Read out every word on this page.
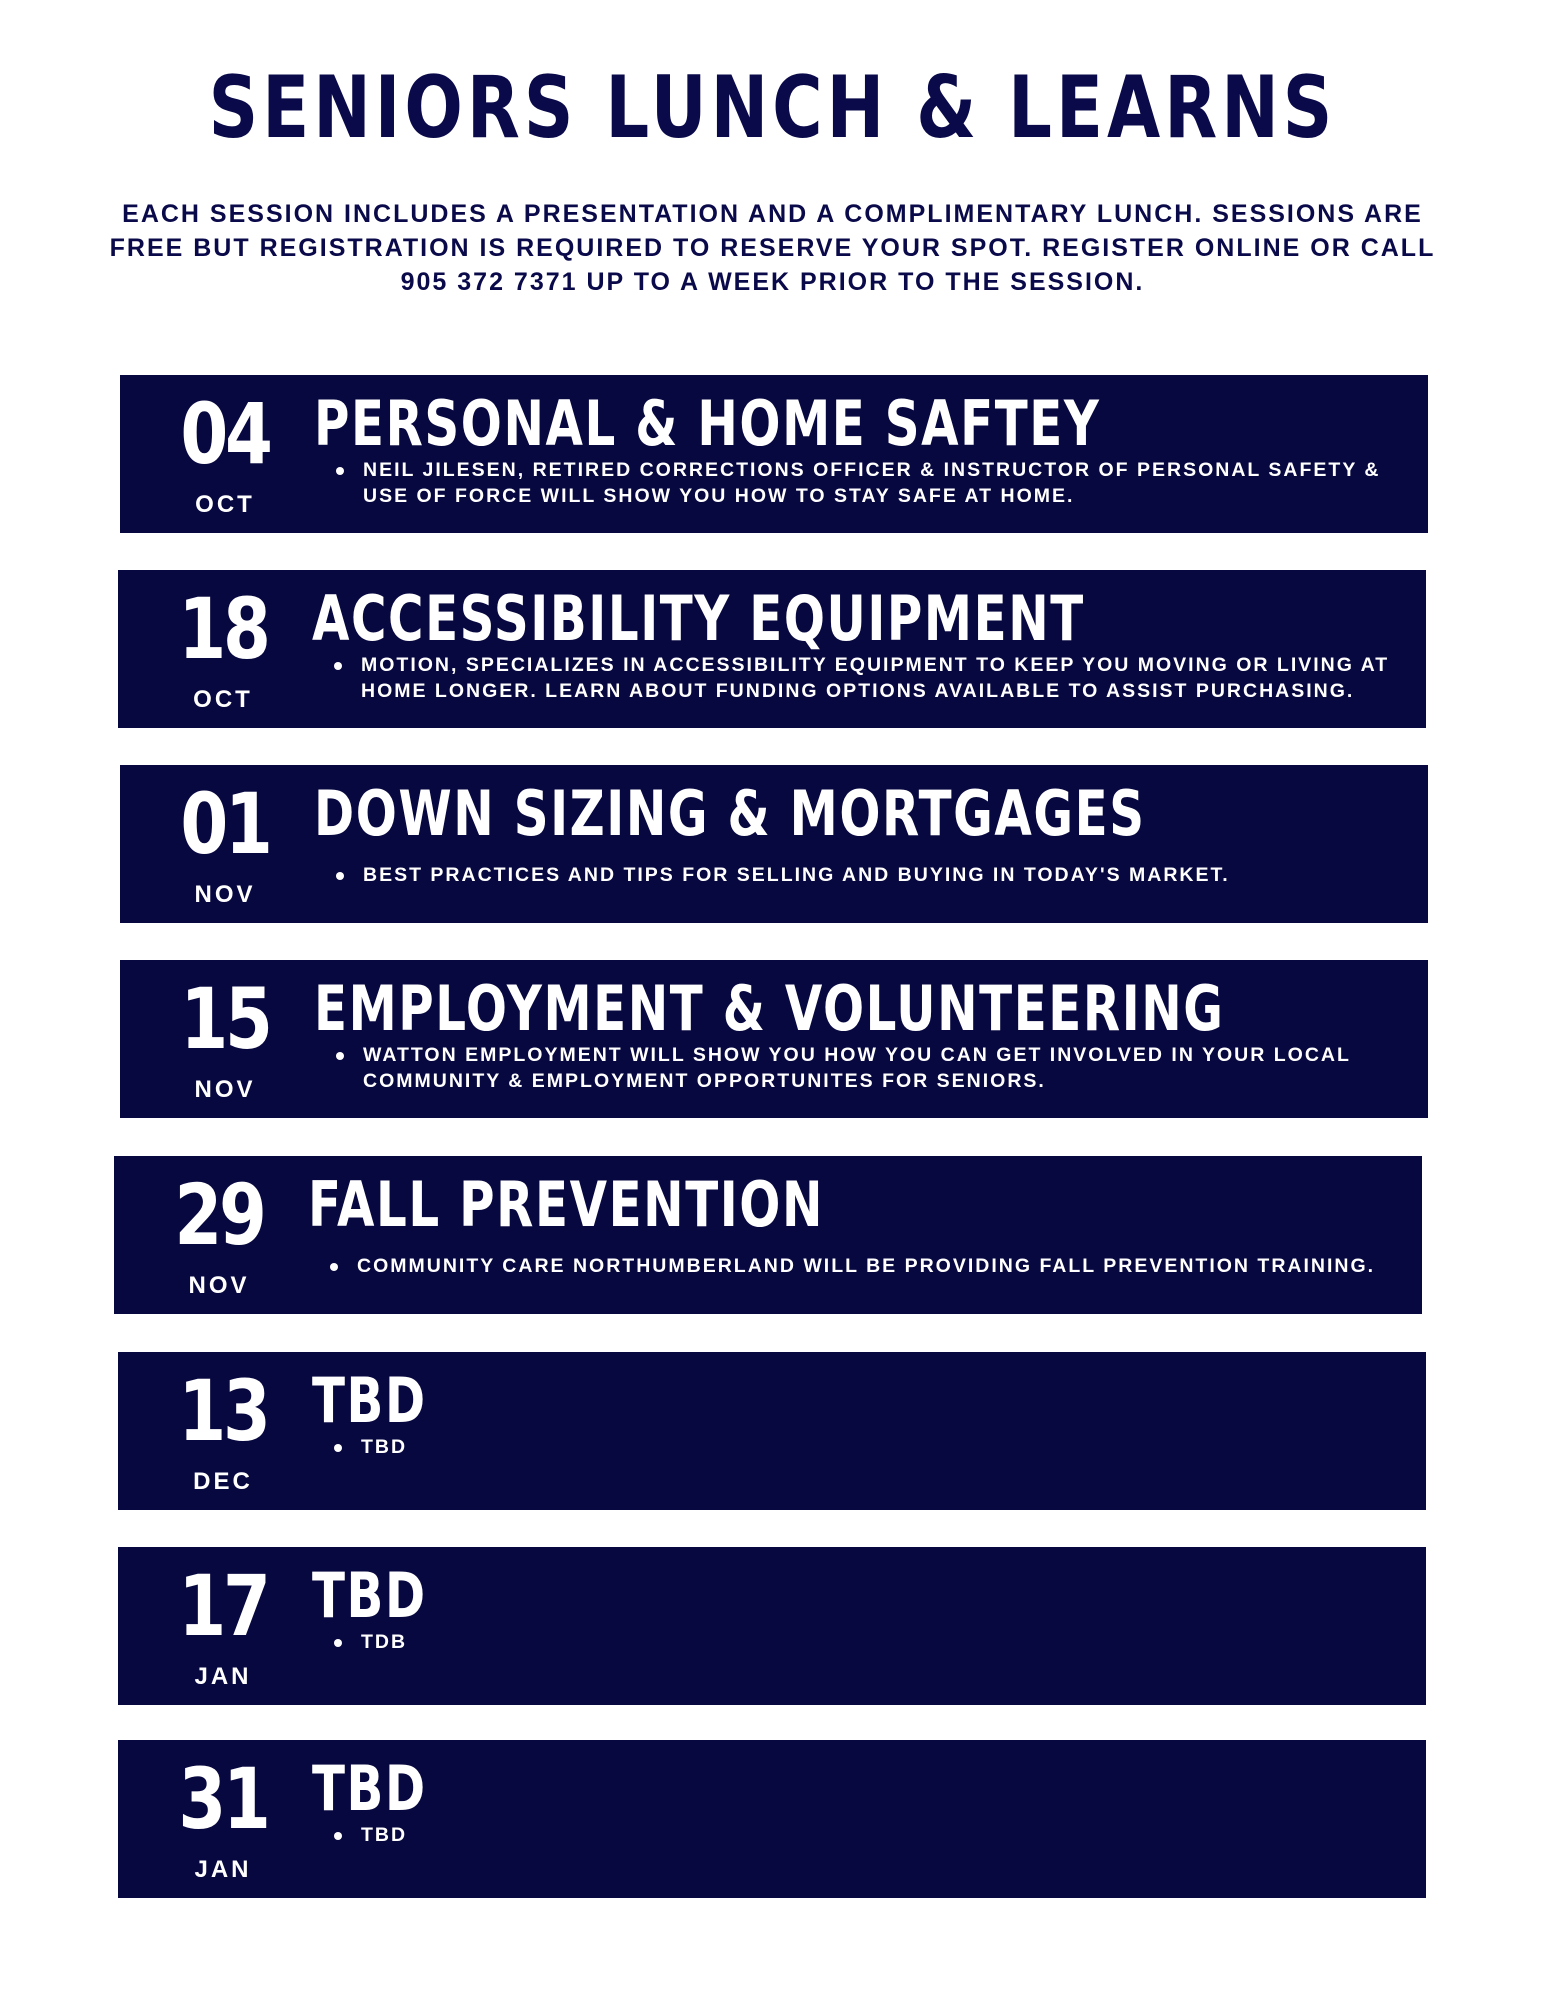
SENIORS LUNCH & LEARNS
EACH SESSION INCLUDES A PRESENTATION AND A COMPLIMENTARY LUNCH. SESSIONS ARE FREE BUT REGISTRATION IS REQUIRED TO RESERVE YOUR SPOT. REGISTER ONLINE OR CALL 905 372 7371 UP TO A WEEK PRIOR TO THE SESSION.
04
OCT
PERSONAL & HOME SAFTEY
NEIL JILESEN, RETIRED CORRECTIONS OFFICER & INSTRUCTOR OF PERSONAL SAFETY & USE OF FORCE WILL SHOW YOU HOW TO STAY SAFE AT HOME.
18
OCT
ACCESSIBILITY EQUIPMENT
MOTION, SPECIALIZES IN ACCESSIBILITY EQUIPMENT TO KEEP YOU MOVING OR LIVING AT HOME LONGER. LEARN ABOUT FUNDING OPTIONS AVAILABLE TO ASSIST PURCHASING.
01
NOV
DOWN SIZING & MORTGAGES
BEST PRACTICES AND TIPS FOR SELLING AND BUYING IN TODAY'S MARKET.
15
NOV
EMPLOYMENT & VOLUNTEERING
WATTON EMPLOYMENT WILL SHOW YOU HOW YOU CAN GET INVOLVED IN YOUR LOCAL COMMUNITY & EMPLOYMENT OPPORTUNITES FOR SENIORS.
29
NOV
FALL PREVENTION
COMMUNITY CARE NORTHUMBERLAND WILL BE PROVIDING FALL PREVENTION TRAINING.
13
DEC
TBD
TBD
17
JAN
TBD
TDB
31
JAN
TBD
TBD
